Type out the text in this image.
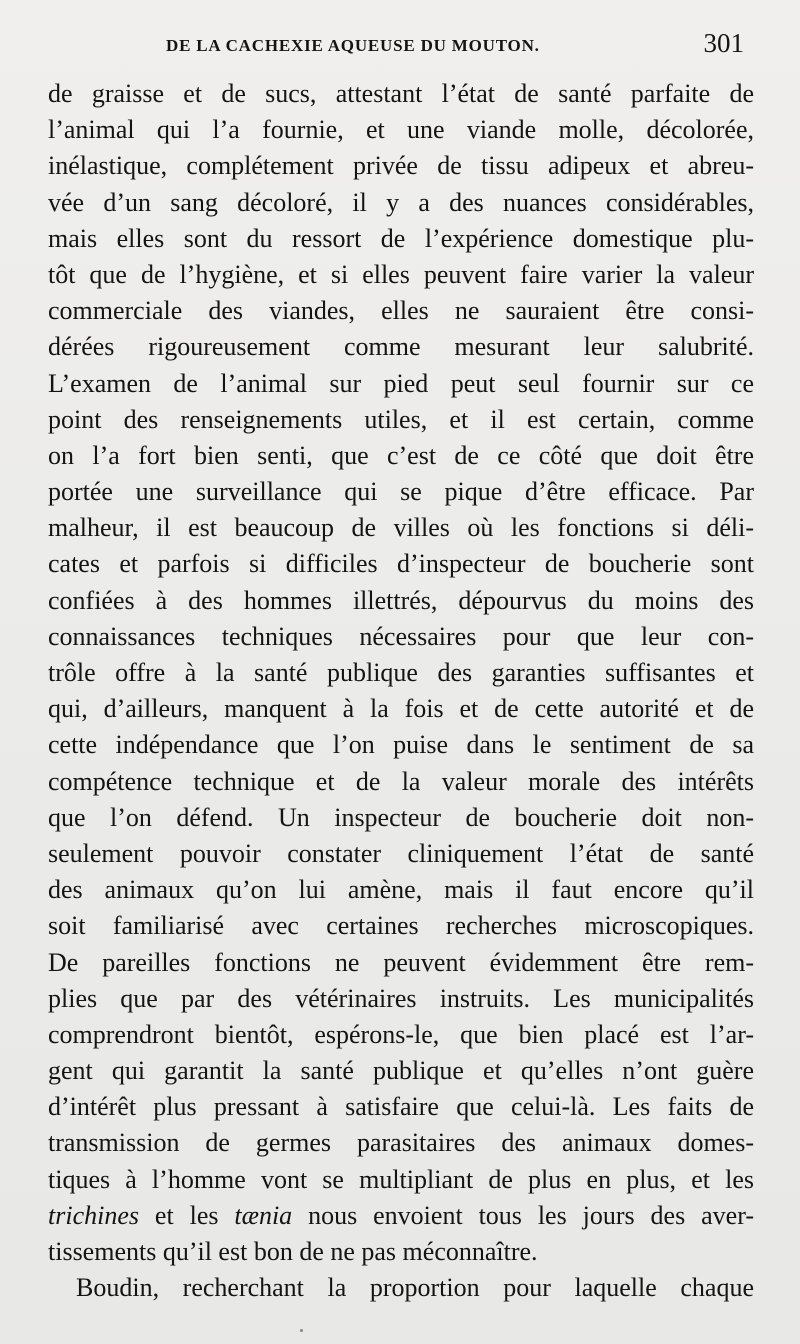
DE LA CACHEXIE AQUEUSE DU MOUTON.	301
de graisse et de sucs, attestant l’état de santé parfaite de
l’animal qui l’a fournie, et une viande molle, décolorée,
inélastique, complétement privée de tissu adipeux et abreu-
vée d’un sang décoloré, il y a des nuances considérables,
mais elles sont du ressort de l’expérience domestique plu-
tôt que de l’hygiène, et si elles peuvent faire varier la valeur
commerciale des viandes, elles ne sauraient être consi-
dérées rigoureusement comme mesurant leur salubrité.
L’examen de l’animal sur pied peut seul fournir sur ce
point des renseignements utiles, et il est certain, comme
on l’a fort bien senti, que c’est de ce côté que doit être
portée une surveillance qui se pique d’être efficace. Par
malheur, il est beaucoup de villes où les fonctions si déli-
cates et parfois si difficiles d’inspecteur de boucherie sont
confiées à des hommes illettrés, dépourvus du moins des
connaissances techniques nécessaires pour que leur con-
trôle offre à la santé publique des garanties suffisantes et
qui, d’ailleurs, manquent à la fois et de cette autorité et de
cette indépendance que l’on puise dans le sentiment de sa
compétence technique et de la valeur morale des intérêts
que l’on défend. Un inspecteur de boucherie doit non-
seulement pouvoir constater cliniquement l’état de santé
des animaux qu’on lui amène, mais il faut encore qu’il
soit familiarisé avec certaines recherches microscopiques.
De pareilles fonctions ne peuvent évidemment être rem-
plies que par des vétérinaires instruits. Les municipalités
comprendront bientôt, espérons-le, que bien placé est l’ar-
gent qui garantit la santé publique et qu’elles n’ont guère
d’intérêt plus pressant à satisfaire que celui-là. Les faits de
transmission de germes parasitaires des animaux domes-
tiques à l’homme vont se multipliant de plus en plus, et les
trichines et les tænia nous envoient tous les jours des aver-
tissements qu’il est bon de ne pas méconnaître.
Boudin, recherchant la proportion pour laquelle chaque
